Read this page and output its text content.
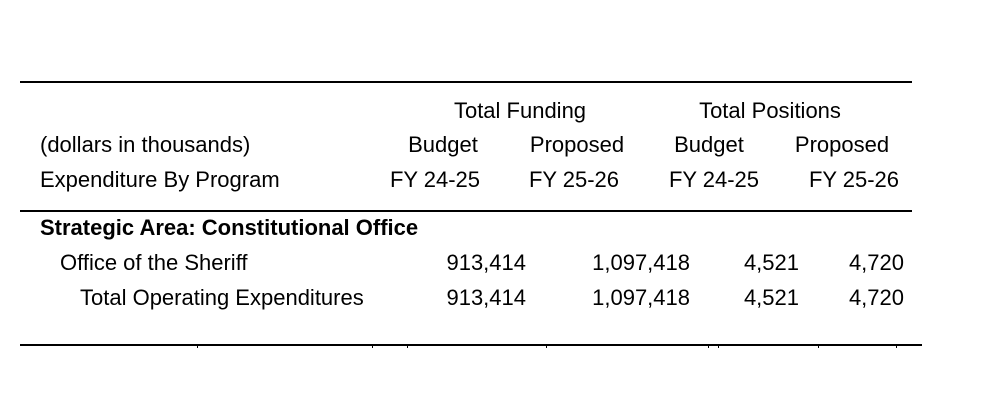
Total Funding	Total Positions
(dollars in thousands)	Budget	Proposed	Budget	Proposed
Expenditure By Program	FY 24-25	FY 25-26	FY 24-25	FY 25-26
Strategic Area: Constitutional Office
Office of the Sheriff	913,414	1,097,418	4,521	4,720
Total Operating Expenditures	913,414	1,097,418	4,521	4,720
